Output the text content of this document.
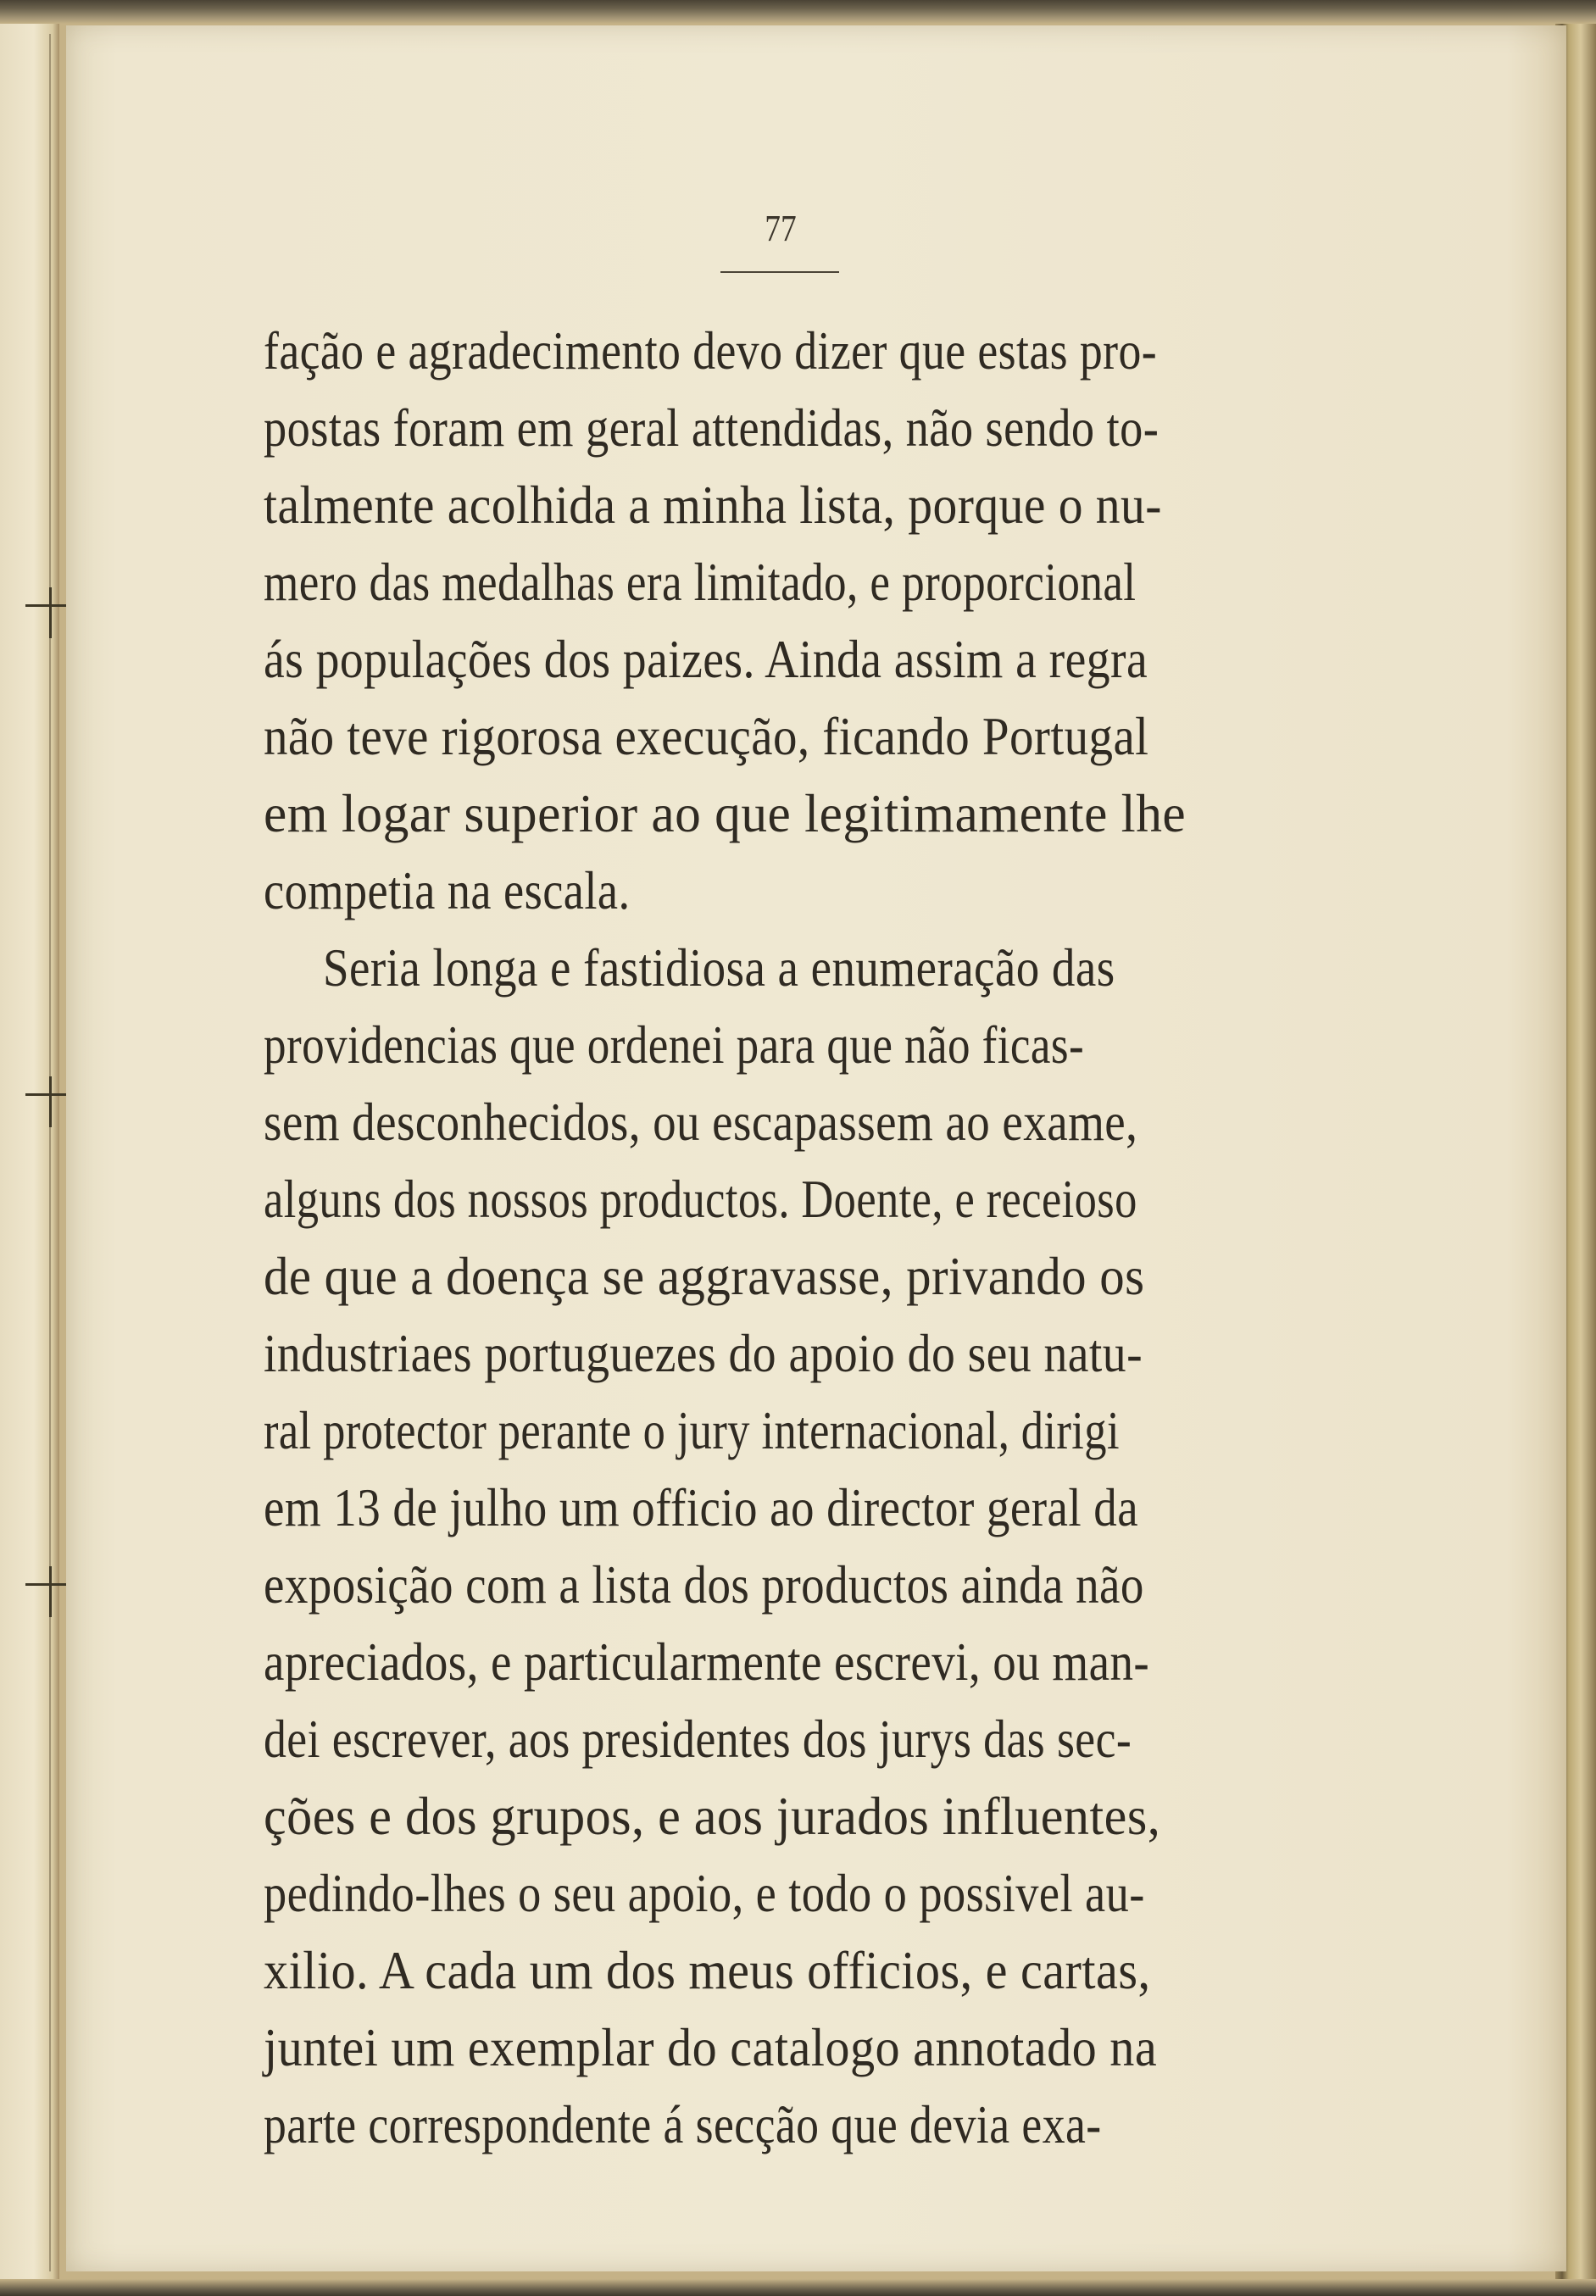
77
fação e agradecimento devo dizer que estas pro-
postas foram em geral attendidas, não sendo to-
talmente acolhida a minha lista, porque o nu-
mero das medalhas era limitado, e proporcional
ás populações dos paizes. Ainda assim a regra
não teve rigorosa execução, ficando Portugal
em logar superior ao que legitimamente lhe
competia na escala.
Seria longa e fastidiosa a enumeração das
providencias que ordenei para que não ficas-
sem desconhecidos, ou escapassem ao exame,
alguns dos nossos productos. Doente, e receioso
de que a doença se aggravasse, privando os
industriaes portuguezes do apoio do seu natu-
ral protector perante o jury internacional, dirigi
em 13 de julho um officio ao director geral da
exposição com a lista dos productos ainda não
apreciados, e particularmente escrevi, ou man-
dei escrever, aos presidentes dos jurys das sec-
ções e dos grupos, e aos jurados influentes,
pedindo-lhes o seu apoio, e todo o possivel au-
xilio. A cada um dos meus officios, e cartas,
juntei um exemplar do catalogo annotado na
parte correspondente á secção que devia exa-
